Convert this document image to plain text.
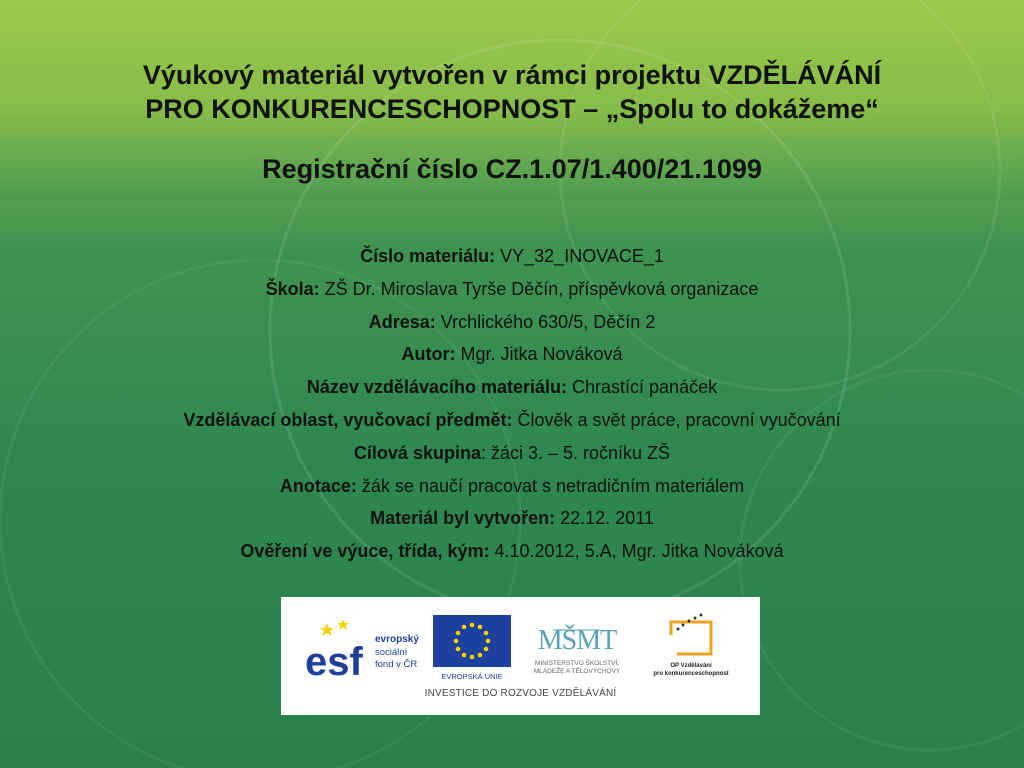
Výukový materiál vytvořen v rámci projektu VZDĚLÁVÁNÍ
PRO KONKURENCESCHOPNOST – „Spolu to dokážeme“
Registrační číslo CZ.1.07/1.400/21.1099
Číslo materiálu: VY_32_INOVACE_1
Škola: ZŠ Dr. Miroslava Tyrše Děčín, příspěvková organizace
Adresa: Vrchlického 630/5, Děčín 2
Autor: Mgr. Jitka Nováková
Název vzdělávacího materiálu: Chrastící panáček
Vzdělávací oblast, vyučovací předmět: Člověk a svět práce, pracovní vyučování
Cílová skupina: žáci 3. – 5. ročníku ZŠ
Anotace: žák se naučí pracovat s netradičním materiálem
Materiál byl vytvořen: 22.12. 2011
Ověření ve výuce, třída, kým: 4.10.2012, 5.A, Mgr. Jitka Nováková
esf
evropský
sociální
fond v ČR
EVROPSKÁ UNIE
MŠMT
MINISTERSTVO ŠKOLSTVÍ,
MLÁDEŽE A TĚLOVÝCHOVY
OP Vzdělávání
pro konkurenceschopnost
INVESTICE DO ROZVOJE VZDĚLÁVÁNÍ
